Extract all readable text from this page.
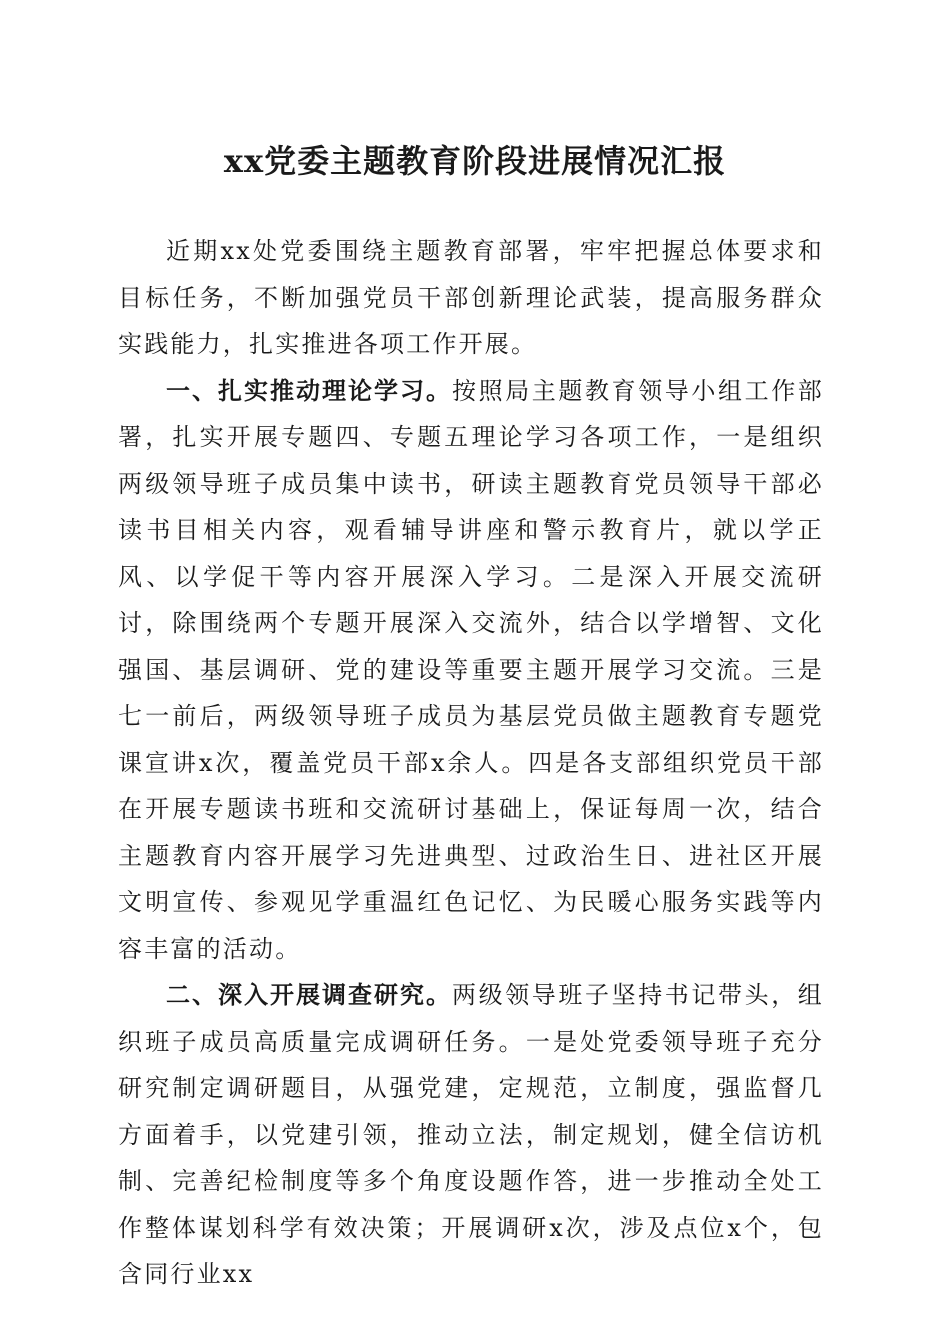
xx党委主题教育阶段进展情况汇报

近期xx处党委围绕主题教育部署，牢牢把握总体要求和目标任务，不断加强党员干部创新理论武装，提高服务群众实践能力，扎实推进各项工作开展。

一、扎实推动理论学习。按照局主题教育领导小组工作部署，扎实开展专题四、专题五理论学习各项工作，一是组织两级领导班子成员集中读书，研读主题教育党员领导干部必读书目相关内容，观看辅导讲座和警示教育片，就以学正风、以学促干等内容开展深入学习。二是深入开展交流研讨，除围绕两个专题开展深入交流外，结合以学增智、文化强国、基层调研、党的建设等重要主题开展学习交流。三是七一前后，两级领导班子成员为基层党员做主题教育专题党课宣讲x次，覆盖党员干部x余人。四是各支部组织党员干部在开展专题读书班和交流研讨基础上，保证每周一次，结合主题教育内容开展学习先进典型、过政治生日、进社区开展文明宣传、参观见学重温红色记忆、为民暖心服务实践等内容丰富的活动。

二、深入开展调查研究。两级领导班子坚持书记带头，组织班子成员高质量完成调研任务。一是处党委领导班子充分研究制定调研题目，从强党建，定规范，立制度，强监督几方面着手，以党建引领，推动立法，制定规划，健全信访机制、完善纪检制度等多个角度设题作答，进一步推动全处工作整体谋划科学有效决策；开展调研x次，涉及点位x个，包含同行业xx
